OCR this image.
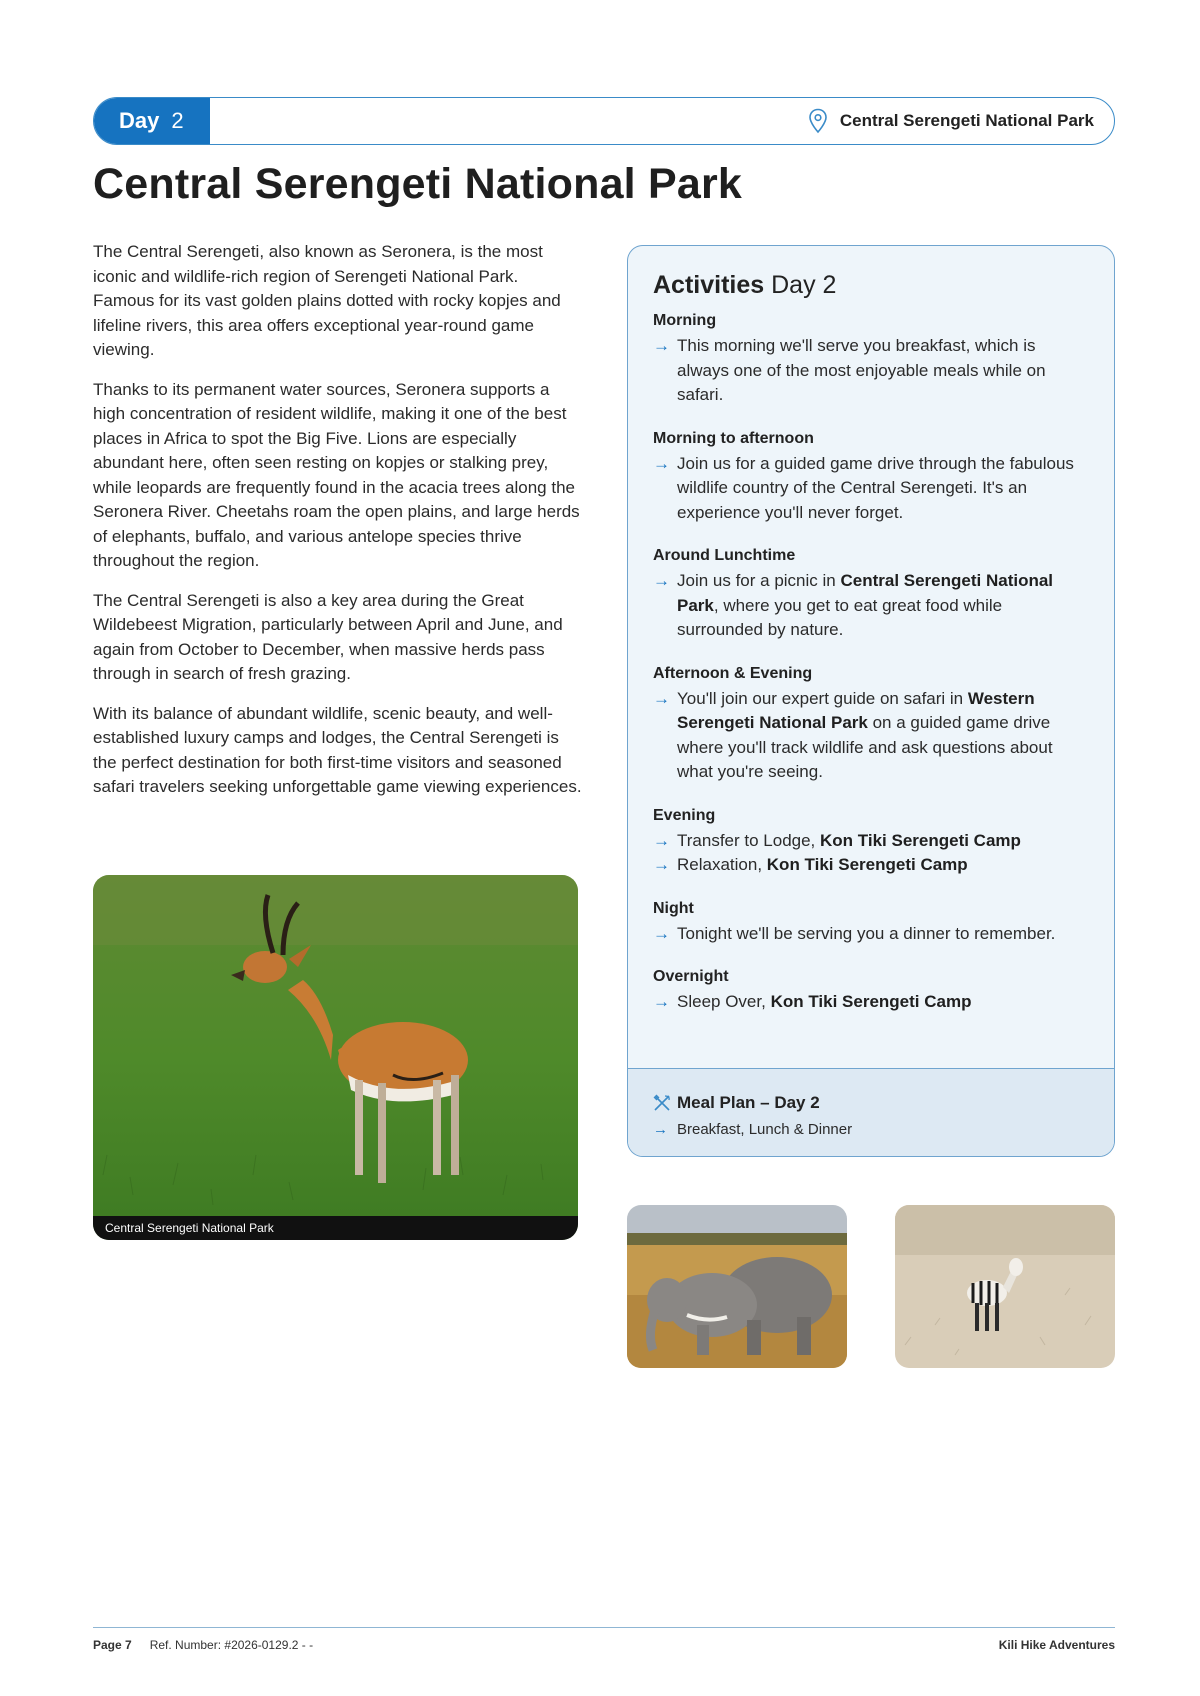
Day 2	Central Serengeti National Park
Central Serengeti National Park

The Central Serengeti, also known as Seronera, is the most iconic and wildlife-rich region of Serengeti National Park. Famous for its vast golden plains dotted with rocky kopjes and lifeline rivers, this area offers exceptional year-round game viewing.

Thanks to its permanent water sources, Seronera supports a high concentration of resident wildlife, making it one of the best places in Africa to spot the Big Five. Lions are especially abundant here, often seen resting on kopjes or stalking prey, while leopards are frequently found in the acacia trees along the Seronera River. Cheetahs roam the open plains, and large herds of elephants, buffalo, and various antelope species thrive throughout the region.

The Central Serengeti is also a key area during the Great Wildebeest Migration, particularly between April and June, and again from October to December, when massive herds pass through in search of fresh grazing.

With its balance of abundant wildlife, scenic beauty, and well-established luxury camps and lodges, the Central Serengeti is the perfect destination for both first-time visitors and seasoned safari travelers seeking unforgettable game viewing experiences.

Central Serengeti National Park
Activities Day 2
Morning
→ This morning we'll serve you breakfast, which is always one of the most enjoyable meals while on safari.
Morning to afternoon
→ Join us for a guided game drive through the fabulous wildlife country of the Central Serengeti. It's an experience you'll never forget.
Around Lunchtime
→ Join us for a picnic in Central Serengeti National Park, where you get to eat great food while surrounded by nature.
Afternoon & Evening
→ You'll join our expert guide on safari in Western Serengeti National Park on a guided game drive where you'll track wildlife and ask questions about what you're seeing.
Evening
→ Transfer to Lodge, Kon Tiki Serengeti Camp
→ Relaxation, Kon Tiki Serengeti Camp
Night
→ Tonight we'll be serving you a dinner to remember.
Overnight
→ Sleep Over, Kon Tiki Serengeti Camp
Meal Plan – Day 2
→ Breakfast, Lunch & Dinner
Page 7 Ref. Number: #2026-0129.2 - -	Kili Hike Adventures
